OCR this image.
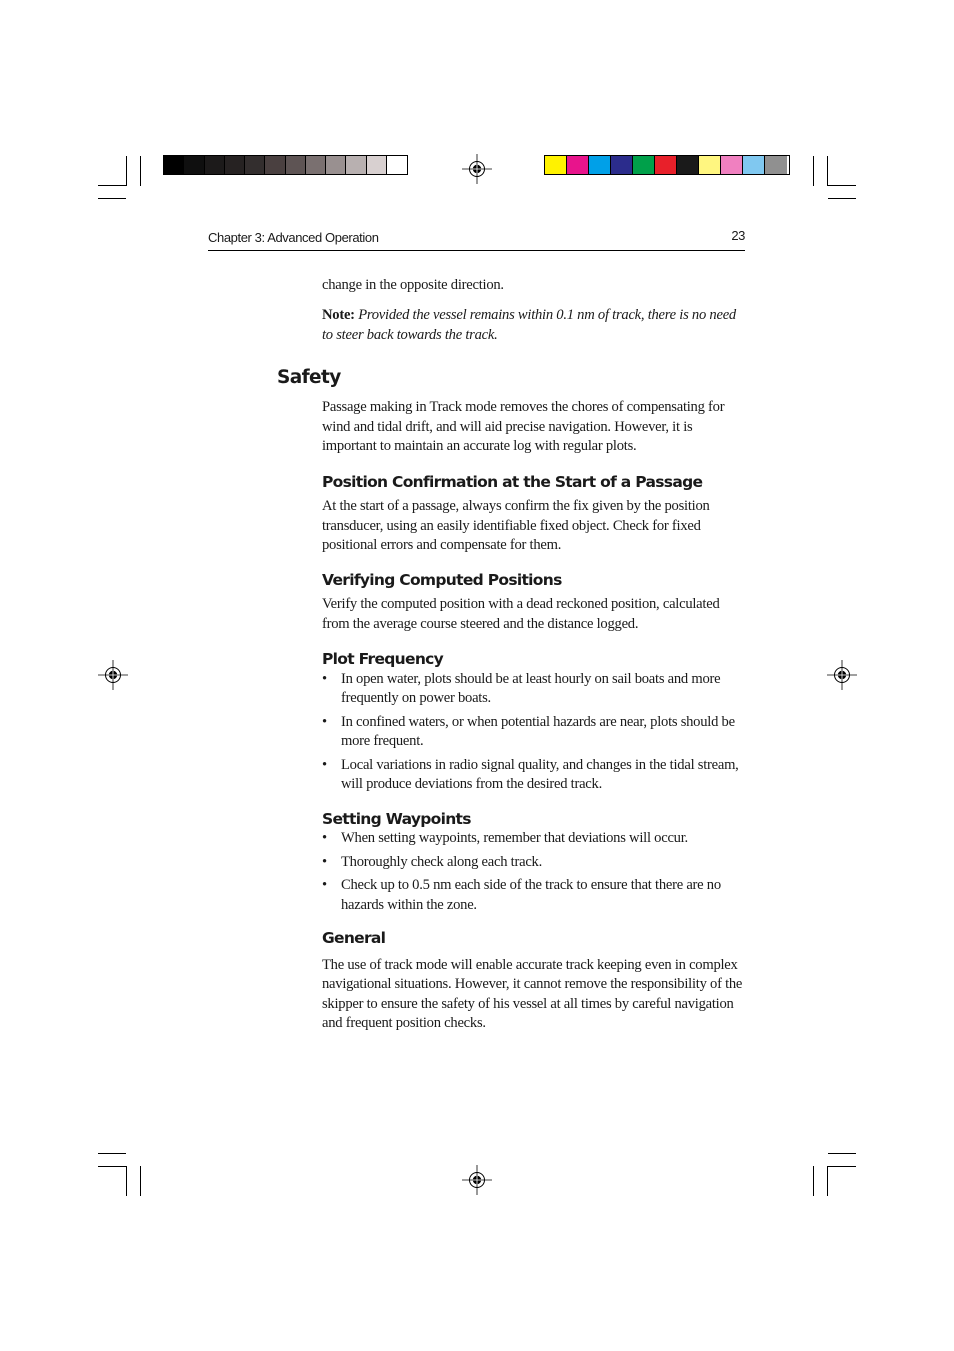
Chapter 3: Advanced Operation	23
Safety

change in the opposite direction.

Note: Provided the vessel remains within 0.1 nm of track, there is no need to steer back towards the track.

Passage making in Track mode removes the chores of compensating for wind and tidal drift, and will aid precise navigation. However, it is important to maintain an accurate log with regular plots.

Position Confirmation at the Start of a Passage

At the start of a passage, always confirm the fix given by the position transducer, using an easily identifiable fixed object. Check for fixed positional errors and compensate for them.

Verifying Computed Positions

Verify the computed position with a dead reckoned position, calculated from the average course steered and the distance logged.

Plot Frequency
• In open water, plots should be at least hourly on sail boats and more frequently on power boats.
• In confined waters, or when potential hazards are near, plots should be more frequent.
• Local variations in radio signal quality, and changes in the tidal stream, will produce deviations from the desired track.
Setting Waypoints
• When setting waypoints, remember that deviations will occur.
• Thoroughly check along each track.
• Check up to 0.5 nm each side of the track to ensure that there are no hazards within the zone.
General

The use of track mode will enable accurate track keeping even in complex navigational situations. However, it cannot remove the responsibility of the skipper to ensure the safety of his vessel at all times by careful navigation and frequent position checks.
